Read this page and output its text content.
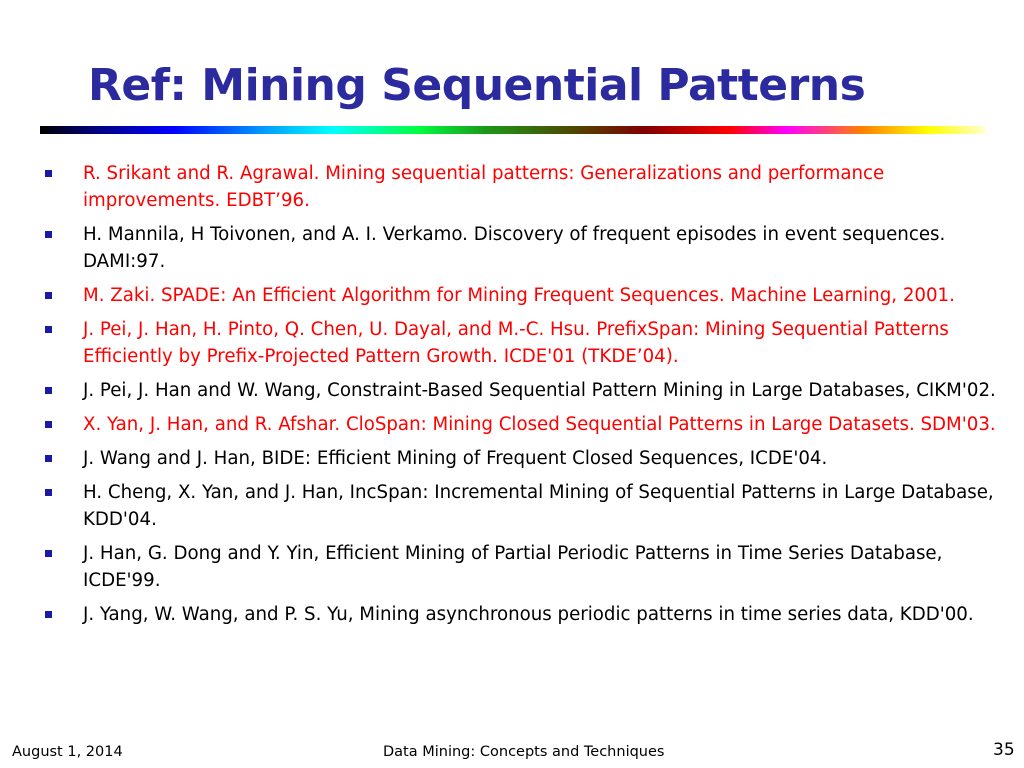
Ref: Mining Sequential Patterns
R. Srikant and R. Agrawal. Mining sequential patterns: Generalizations and performance improvements. EDBT’96.
H. Mannila, H Toivonen, and A. I. Verkamo. Discovery of frequent episodes in event sequences. DAMI:97.
M. Zaki. SPADE: An Efficient Algorithm for Mining Frequent Sequences. Machine Learning, 2001.
J. Pei, J. Han, H. Pinto, Q. Chen, U. Dayal, and M.-C. Hsu. PrefixSpan: Mining Sequential Patterns Efficiently by Prefix-Projected Pattern Growth. ICDE'01 (TKDE’04).
J. Pei, J. Han and W. Wang, Constraint-Based Sequential Pattern Mining in Large Databases, CIKM'02.
X. Yan, J. Han, and R. Afshar. CloSpan: Mining Closed Sequential Patterns in Large Datasets. SDM'03.
J. Wang and J. Han, BIDE: Efficient Mining of Frequent Closed Sequences, ICDE'04.
H. Cheng, X. Yan, and J. Han, IncSpan: Incremental Mining of Sequential Patterns in Large Database, KDD'04.
J. Han, G. Dong and Y. Yin, Efficient Mining of Partial Periodic Patterns in Time Series Database, ICDE'99.
J. Yang, W. Wang, and P. S. Yu, Mining asynchronous periodic patterns in time series data, KDD'00.
August 1, 2014	Data Mining: Concepts and Techniques	35
